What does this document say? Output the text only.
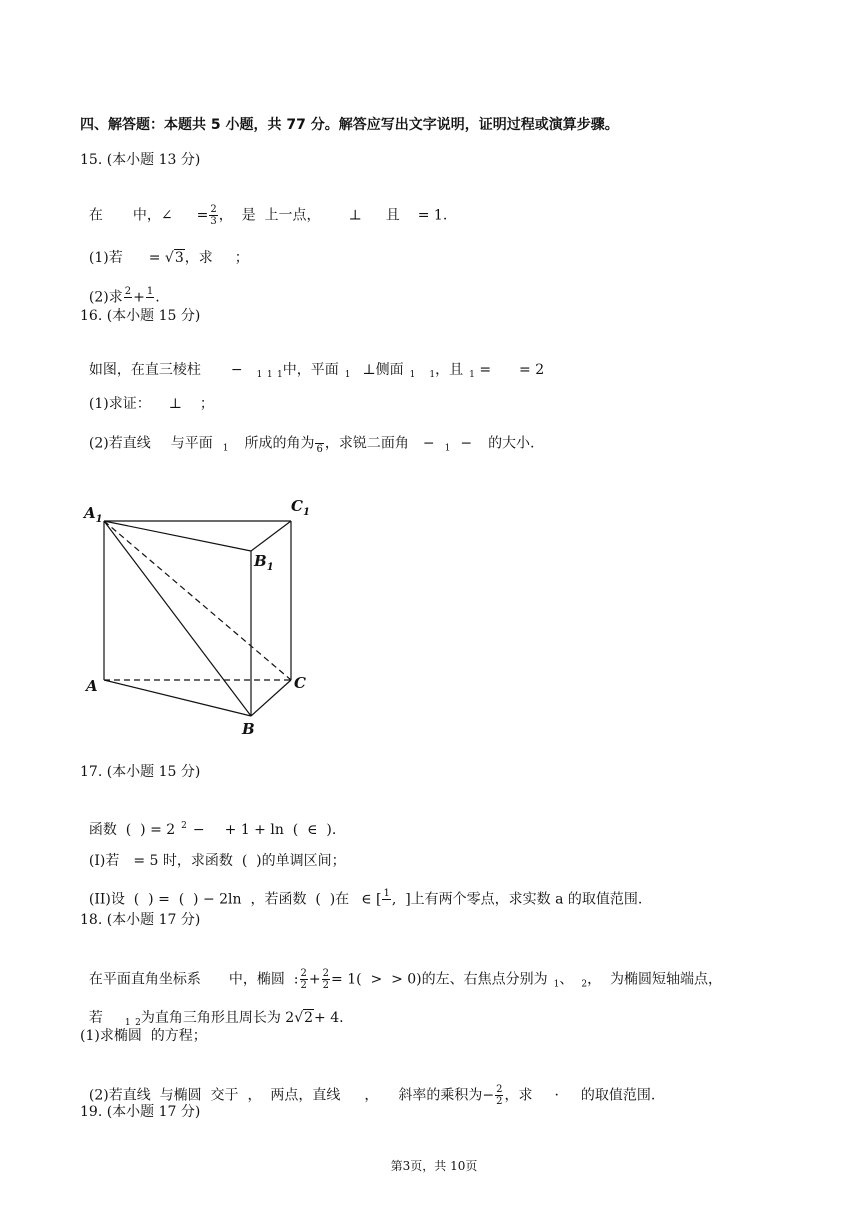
四、解答题：本题共 5 小题，共 77 分。解答应写出文字说明，证明过程或演算步骤。
15. (本小题 13 分)

在 中，∠ = $\frac{2}{3}$ ，  是  上一点， ⊥ 且 = 1.

(1)若 = √3，求 ；

(2)求 2 + 1 .

16. (本小题 15 分)

如图，在直三棱柱 − $_1$ $_1$ $_1$中，平面 $_1$ ⊥侧面 $_1$ $_1$，且 $_1$ = = 2

(1)求证： ⊥ ；

(2)若直线 与平面 $_1$ 所成的角为 6 ，求锐二面角 − $_1$ − 的大小.

$A_1$
$C_1$
$B_1$
A	C
B
17. (本小题 15 分)

函数  (  ) = 2 $^2$ − + 1 + ln  (  ∈  ).

(I)若 = 5 时，求函数  (  )的单调区间；

(II)设  (  ) =  (  ) − 2ln  ，若函数  (  )在 ∈ [ 1 ,  ]上有两个零点，求实数 a 的取值范围.

18. (本小题 17 分)

在平面直角坐标系 中，椭圆  : $\frac{2}{2} + \frac{2}{2} = 1$(  >  > 0)的左、右焦点分别为 $_1$、 $_2$，  为椭圆短轴端点，

若 $_1$ $_2$为直角三角形且周长为 2√2+ 4.

(1)求椭圆  的方程；

(2)若直线  与椭圆  交于  ，  两点，直线 ， 斜率的乘积为− $\frac{2}{2}$ ，求 · 的取值范围.

19. (本小题 17 分)
第3页，共 10页
